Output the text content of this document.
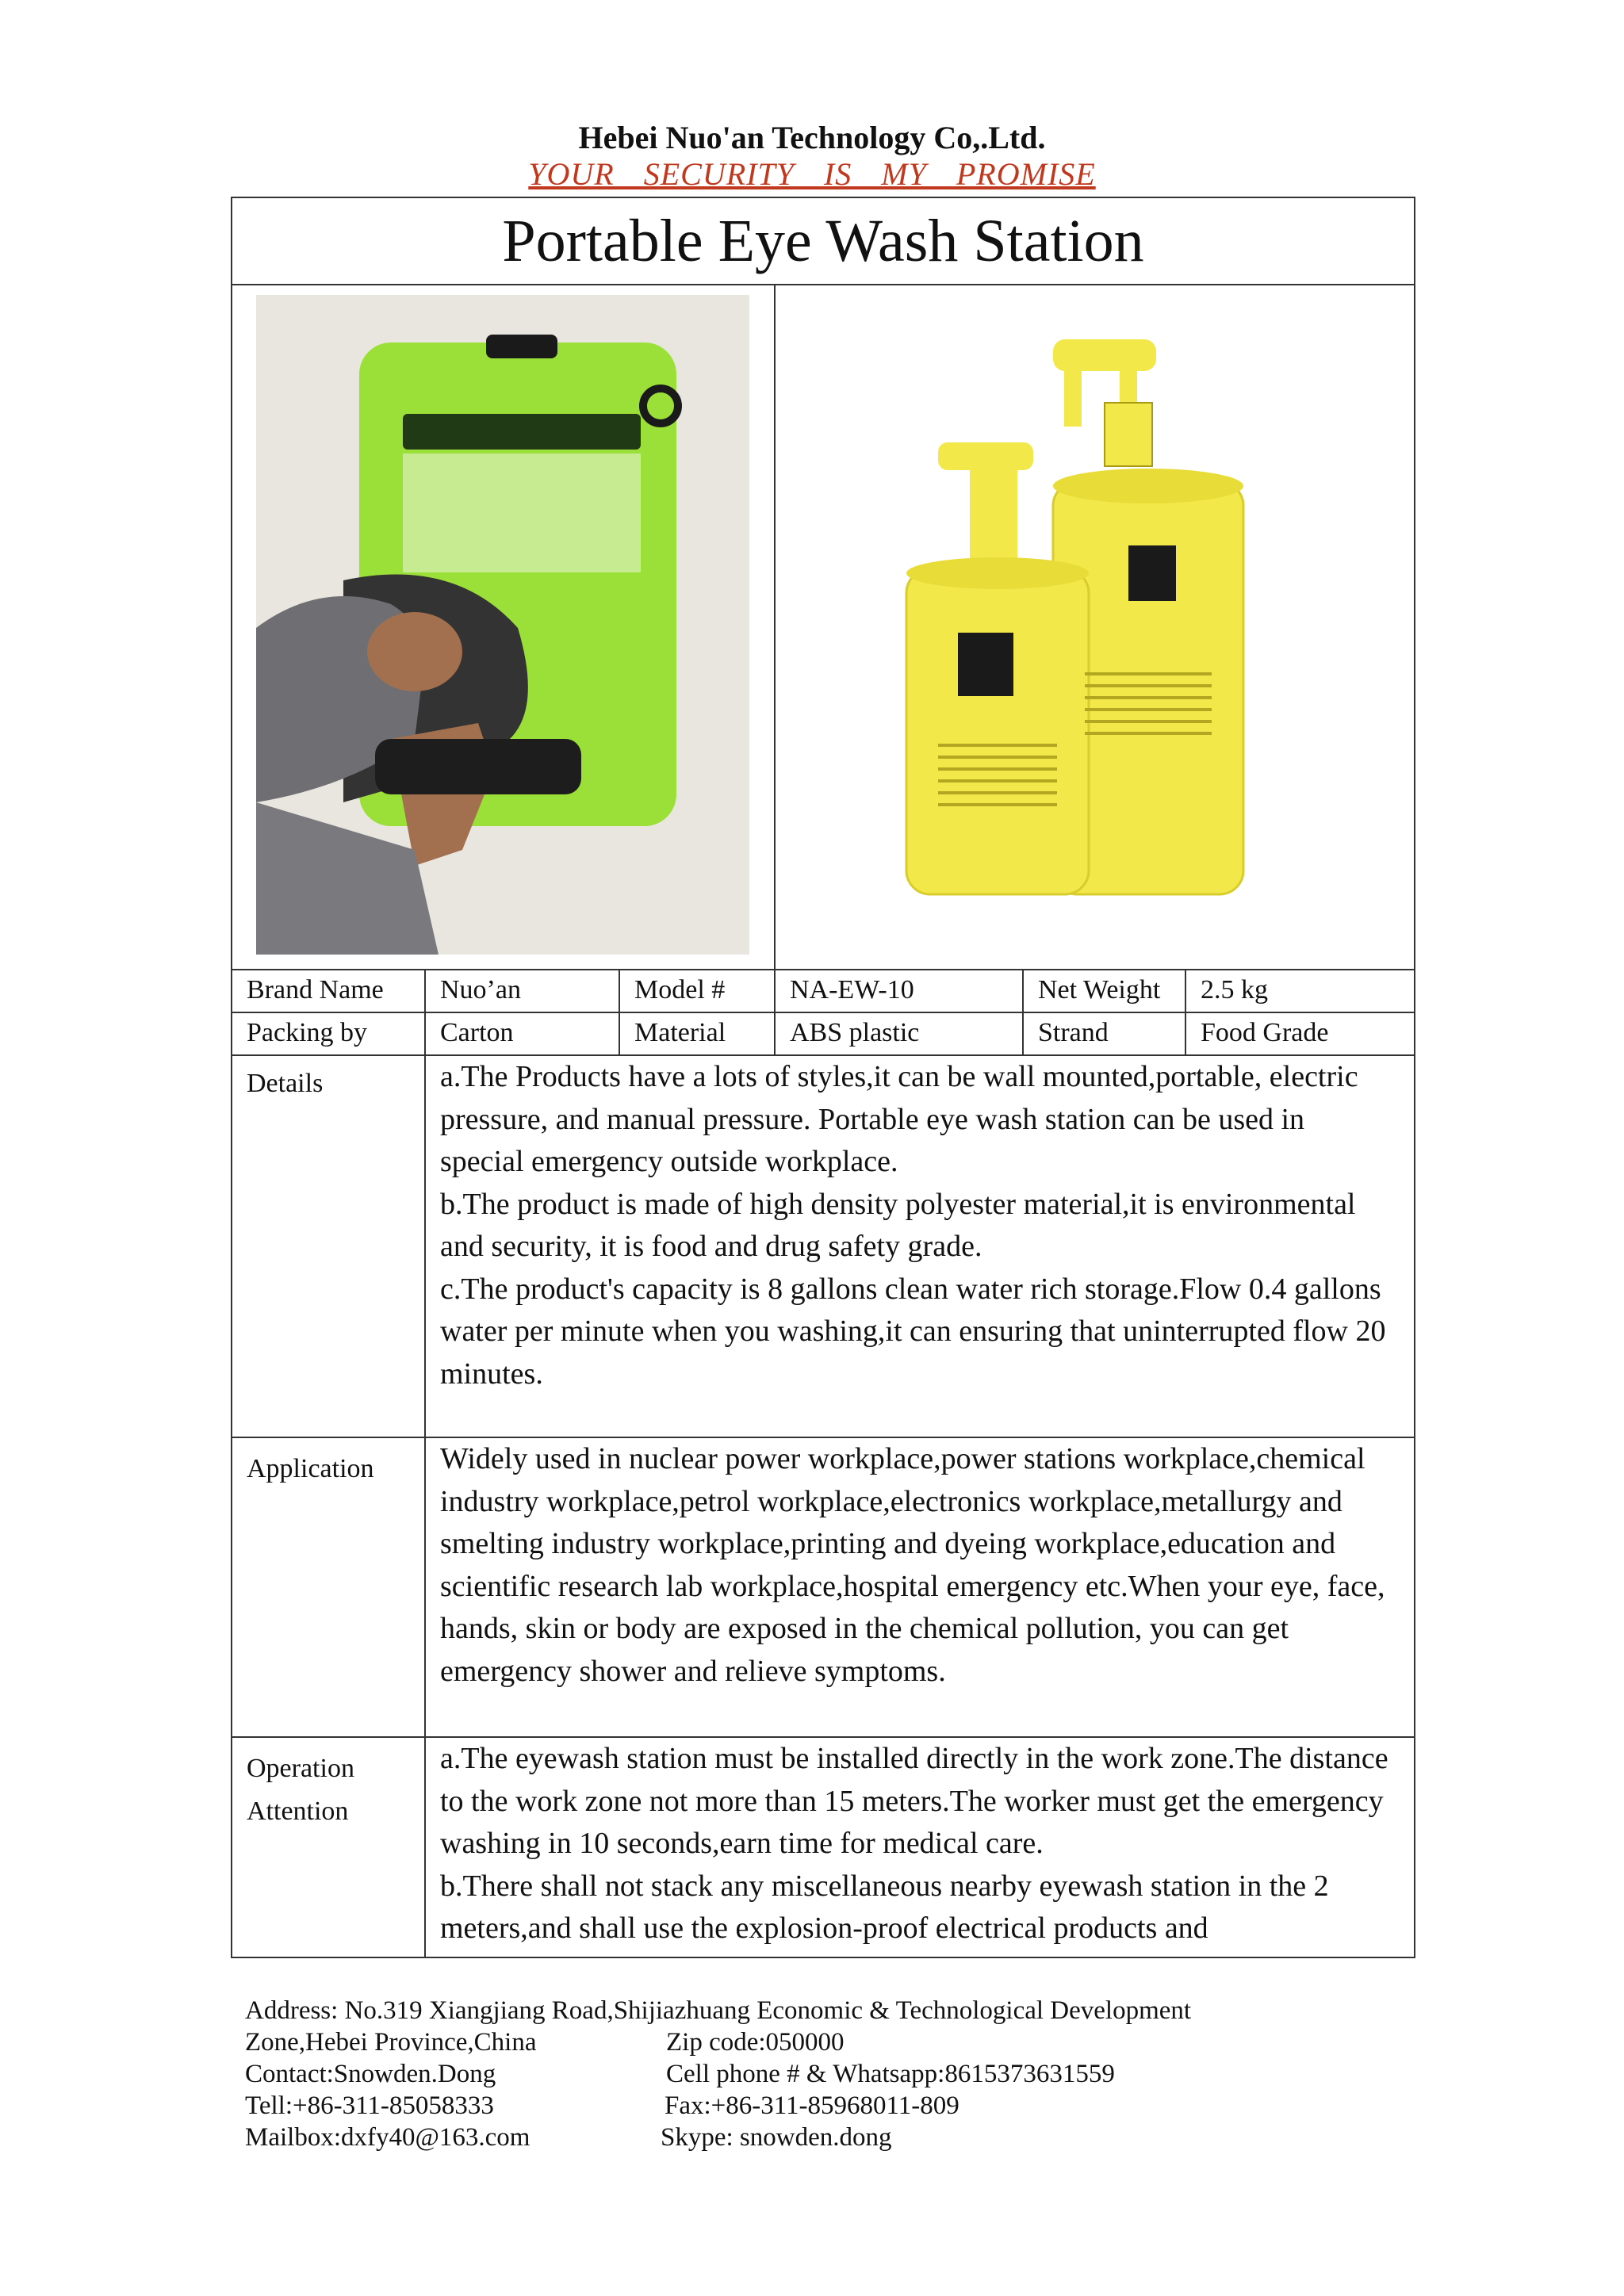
Hebei Nuo'an Technology Co,.Ltd.
YOUR SECURITY IS MY PROMISE
Portable Eye Wash Station
Brand Name	Nuo’an	Model #	NA-EW-10	Net Weight	2.5 kg
Packing by	Carton	Material	ABS plastic	Strand	Food Grade
Details	a.The Products have a lots of styles,it can be wall mounted,portable, electric pressure, and manual pressure. Portable eye wash station can be used in special emergency outside workplace.

b.The product is made of high density polyester material,it is environmental and security, it is food and drug safety grade.

c.The product's capacity is 8 gallons clean water rich storage.Flow 0.4 gallons water per minute when you washing,it can ensuring that uninterrupted flow 20 minutes.

Application	Widely used in nuclear power workplace,power stations workplace,chemical industry workplace,petrol workplace,electronics workplace,metallurgy and smelting industry workplace,printing and dyeing workplace,education and scientific research lab workplace,hospital emergency etc.When your eye, face, hands, skin or body are exposed in the chemical pollution, you can get emergency shower and relieve symptoms.

Operation
Attention

a.The eyewash station must be installed directly in the work zone.The distance to the work zone not more than 15 meters.The worker must get the emergency washing in 10 seconds,earn time for medical care.

b.There shall not stack any miscellaneous nearby eyewash station in the 2 meters,and shall use the explosion-proof electrical products and

Address: No.319 Xiangjiang Road,Shijiazhuang Economic & Technological Development
Zone,Hebei Province,China	Zip code:050000
Contact:Snowden.Dong	Cell phone # & Whatsapp:8615373631559
Tell:+86-311-85058333	Fax:+86-311-85968011-809
Mailbox:dxfy40@163.com	Skype: snowden.dong
